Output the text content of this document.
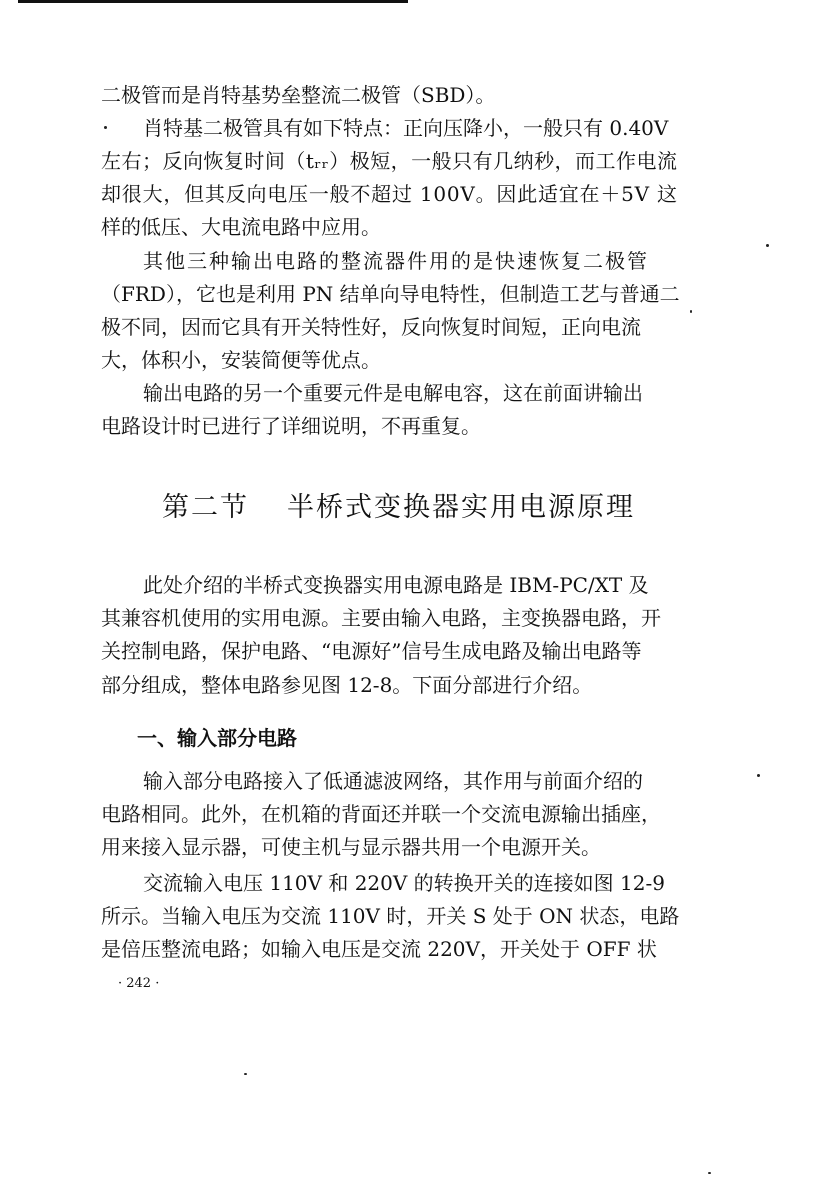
二极管而是肖特基势垒整流二极管（SBD）。
肖特基二极管具有如下特点：正向压降小，一般只有 0.40V
左右；反向恢复时间（tᵣᵣ）极短，一般只有几纳秒，而工作电流
却很大，但其反向电压一般不超过 100V。因此适宜在＋5V 这
样的低压、大电流电路中应用。
其他三种输出电路的整流器件用的是快速恢复二极管
（FRD），它也是利用 PN 结单向导电特性，但制造工艺与普通二
极不同，因而它具有开关特性好，反向恢复时间短，正向电流
大，体积小，安装简便等优点。
输出电路的另一个重要元件是电解电容，这在前面讲输出
电路设计时已进行了详细说明，不再重复。
第二节 半桥式变换器实用电源原理
此处介绍的半桥式变换器实用电源电路是 IBM-PC/XT 及
其兼容机使用的实用电源。主要由输入电路，主变换器电路，开
关控制电路，保护电路、“电源好”信号生成电路及输出电路等
部分组成，整体电路参见图 12-8。下面分部进行介绍。
一、输入部分电路
输入部分电路接入了低通滤波网络，其作用与前面介绍的
电路相同。此外，在机箱的背面还并联一个交流电源输出插座，
用来接入显示器，可使主机与显示器共用一个电源开关。
交流输入电压 110V 和 220V 的转换开关的连接如图 12-9
所示。当输入电压为交流 110V 时，开关 S 处于 ON 状态，电路
是倍压整流电路；如输入电压是交流 220V，开关处于 OFF 状
· 242 ·
